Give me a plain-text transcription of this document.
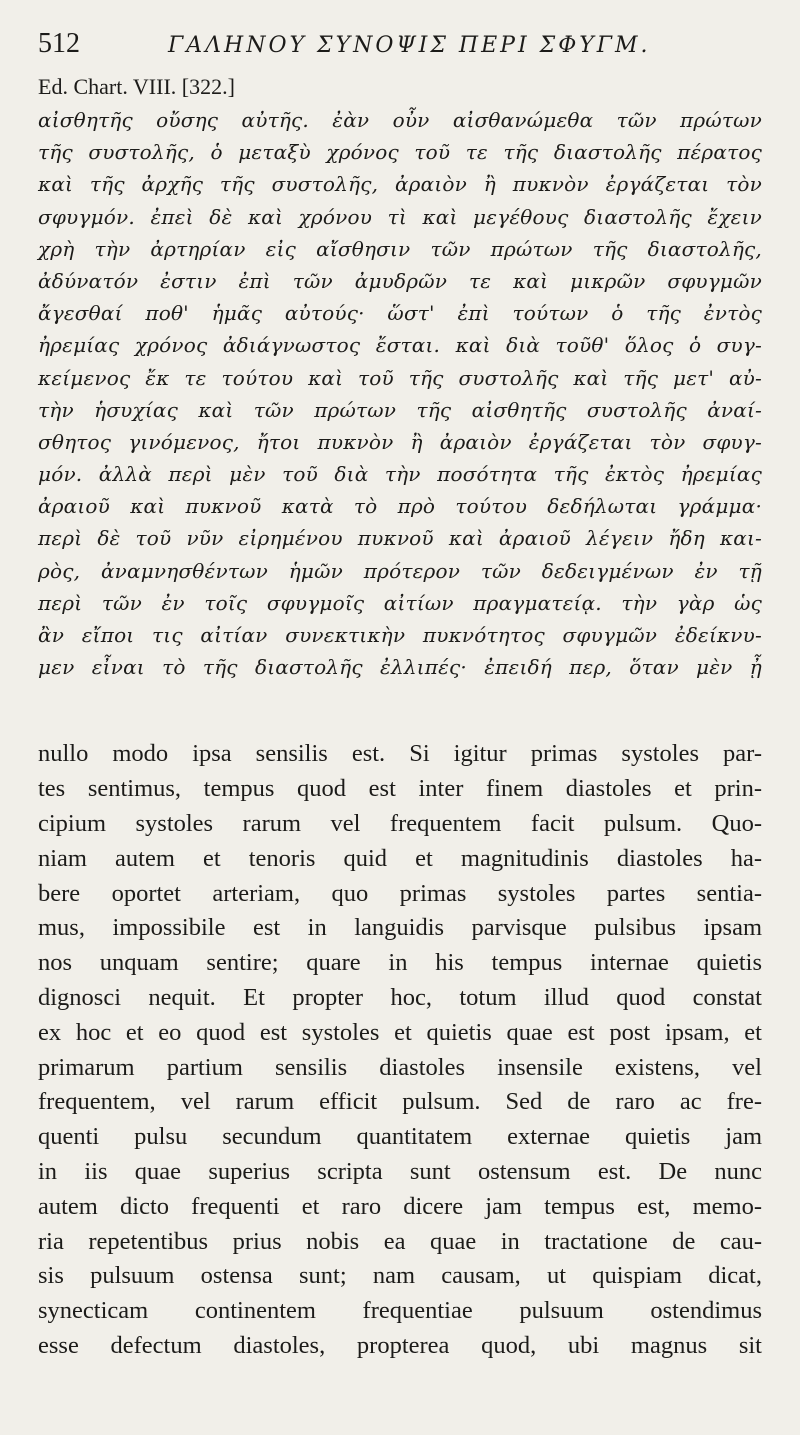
512	ΓΑΛΗΝΟΥ ΣΥΝΟΨΙΣ ΠΕΡΙ ΣΦΥΓΜ.
Ed. Chart. VIII. [322.]
αἰσθητῆς οὔσης αὐτῆς. ἐὰν οὖν αἰσθανώμεθα τῶν πρώτων
τῆς συστολῆς, ὁ μεταξὺ χρόνος τοῦ τε τῆς διαστολῆς πέρατος
καὶ τῆς ἀρχῆς τῆς συστολῆς, ἀραιὸν ἢ πυκνὸν ἐργάζεται τὸν
σφυγμόν. ἐπεὶ δὲ καὶ χρόνου τὶ καὶ μεγέθους διαστολῆς ἔχειν
χρὴ τὴν ἀρτηρίαν εἰς αἴσθησιν τῶν πρώτων τῆς διαστολῆς,
ἀδύνατόν ἐστιν ἐπὶ τῶν ἀμυδρῶν τε καὶ μικρῶν σφυγμῶν
ἄγεσθαί ποθ' ἡμᾶς αὐτούς· ὥστ' ἐπὶ τούτων ὁ τῆς ἐντὸς
ἠρεμίας χρόνος ἀδιάγνωστος ἔσται. καὶ διὰ τοῦθ' ὅλος ὁ συγ-
κείμενος ἔκ τε τούτου καὶ τοῦ τῆς συστολῆς καὶ τῆς μετ' αὐ-
τὴν ἡσυχίας καὶ τῶν πρώτων τῆς αἰσθητῆς συστολῆς ἀναί-
σθητος γινόμενος, ἤτοι πυκνὸν ἢ ἀραιὸν ἐργάζεται τὸν σφυγ-
μόν. ἀλλὰ περὶ μὲν τοῦ διὰ τὴν ποσότητα τῆς ἐκτὸς ἠρεμίας
ἀραιοῦ καὶ πυκνοῦ κατὰ τὸ πρὸ τούτου δεδήλωται γράμμα·
περὶ δὲ τοῦ νῦν εἰρημένου πυκνοῦ καὶ ἀραιοῦ λέγειν ἤδη και-
ρὸς, ἀναμνησθέντων ἡμῶν πρότερον τῶν δεδειγμένων ἐν τῇ
περὶ τῶν ἐν τοῖς σφυγμοῖς αἰτίων πραγματείᾳ. τὴν γὰρ ὡς
ἂν εἴποι τις αἰτίαν συνεκτικὴν πυκνότητος σφυγμῶν ἐδείκνυ-
μεν εἶναι τὸ τῆς διαστολῆς ἐλλιπές· ἐπειδή περ, ὅταν μὲν ᾖ
nullo modo ipsa sensilis est. Si igitur primas systoles par-
tes sentimus, tempus quod est inter finem diastoles et prin-
cipium systoles rarum vel frequentem facit pulsum. Quo-
niam autem et tenoris quid et magnitudinis diastoles ha-
bere oportet arteriam, quo primas systoles partes sentia-
mus, impossibile est in languidis parvisque pulsibus ipsam
nos unquam sentire; quare in his tempus internae quietis
dignosci nequit. Et propter hoc, totum illud quod constat
ex hoc et eo quod est systoles et quietis quae est post ipsam, et
primarum partium sensilis diastoles insensile existens, vel
frequentem, vel rarum efficit pulsum. Sed de raro ac fre-
quenti pulsu secundum quantitatem externae quietis jam
in iis quae superius scripta sunt ostensum est. De nunc
autem dicto frequenti et raro dicere jam tempus est, memo-
ria repetentibus prius nobis ea quae in tractatione de cau-
sis pulsuum ostensa sunt; nam causam, ut quispiam dicat,
synecticam continentem frequentiae pulsuum ostendimus
esse defectum diastoles, propterea quod, ubi magnus sit
